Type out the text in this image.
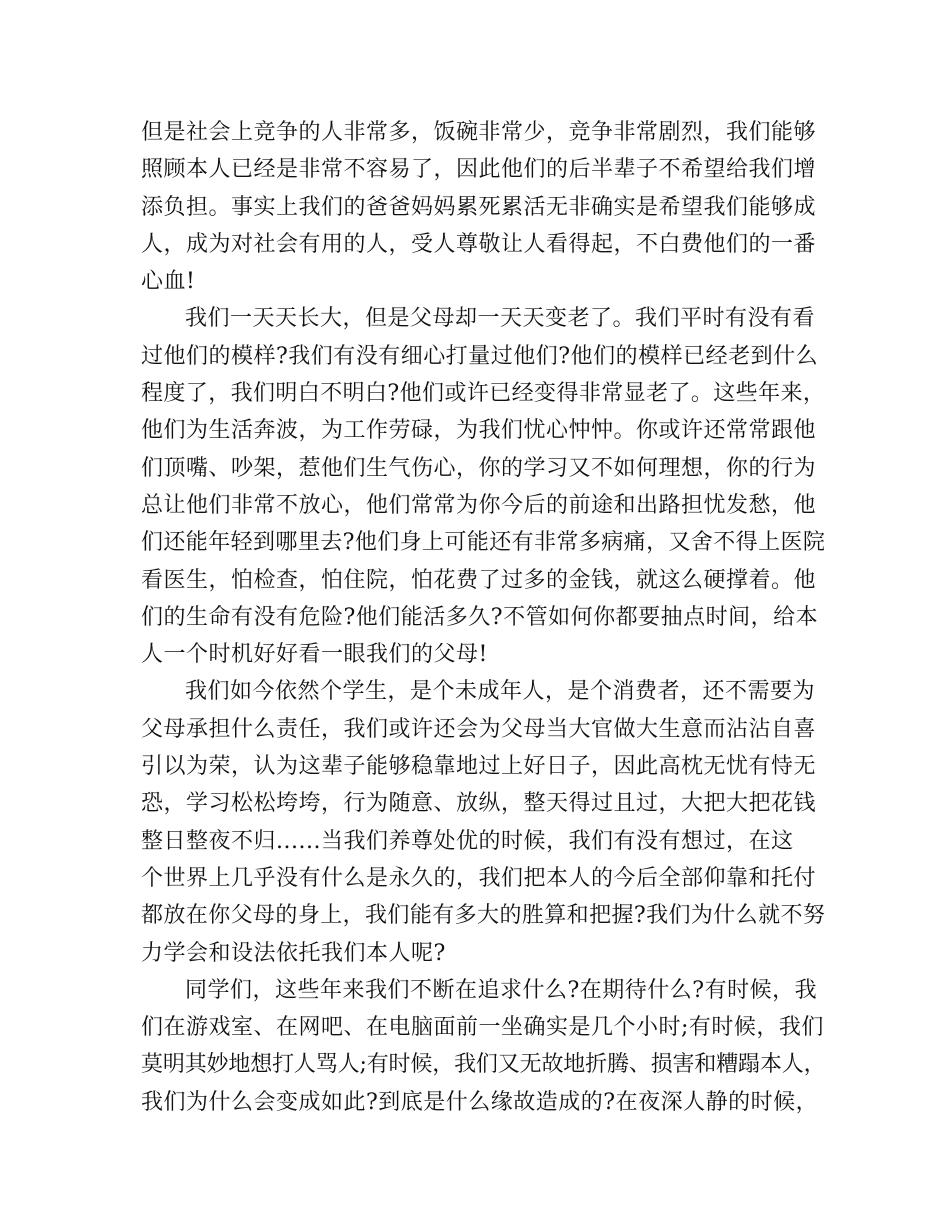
但是社会上竞争的人非常多，饭碗非常少，竞争非常剧烈，我们能够
照顾本人已经是非常不容易了，因此他们的后半辈子不希望给我们增
添负担。事实上我们的爸爸妈妈累死累活无非确实是希望我们能够成
人，成为对社会有用的人，受人尊敬让人看得起，不白费他们的一番
心血!
我们一天天长大，但是父母却一天天变老了。我们平时有没有看
过他们的模样?我们有没有细心打量过他们?他们的模样已经老到什么
程度了，我们明白不明白?他们或许已经变得非常显老了。这些年来，
他们为生活奔波，为工作劳碌，为我们忧心忡忡。你或许还常常跟他
们顶嘴、吵架，惹他们生气伤心，你的学习又不如何理想，你的行为
总让他们非常不放心，他们常常为你今后的前途和出路担忧发愁，他
们还能年轻到哪里去?他们身上可能还有非常多病痛，又舍不得上医院
看医生，怕检查，怕住院，怕花费了过多的金钱，就这么硬撑着。他
们的生命有没有危险?他们能活多久?不管如何你都要抽点时间，给本
人一个时机好好看一眼我们的父母!
我们如今依然个学生，是个未成年人，是个消费者，还不需要为
父母承担什么责任，我们或许还会为父母当大官做大生意而沾沾自喜
引以为荣，认为这辈子能够稳靠地过上好日子，因此高枕无忧有恃无
恐，学习松松垮垮，行为随意、放纵，整天得过且过，大把大把花钱
整日整夜不归......当我们养尊处优的时候，我们有没有想过，在这
个世界上几乎没有什么是永久的，我们把本人的今后全部仰靠和托付
都放在你父母的身上，我们能有多大的胜算和把握?我们为什么就不努
力学会和设法依托我们本人呢?
同学们，这些年来我们不断在追求什么?在期待什么?有时候，我
们在游戏室、在网吧、在电脑面前一坐确实是几个小时;有时候，我们
莫明其妙地想打人骂人;有时候，我们又无故地折腾、损害和糟蹋本人，
我们为什么会变成如此?到底是什么缘故造成的?在夜深人静的时候，
